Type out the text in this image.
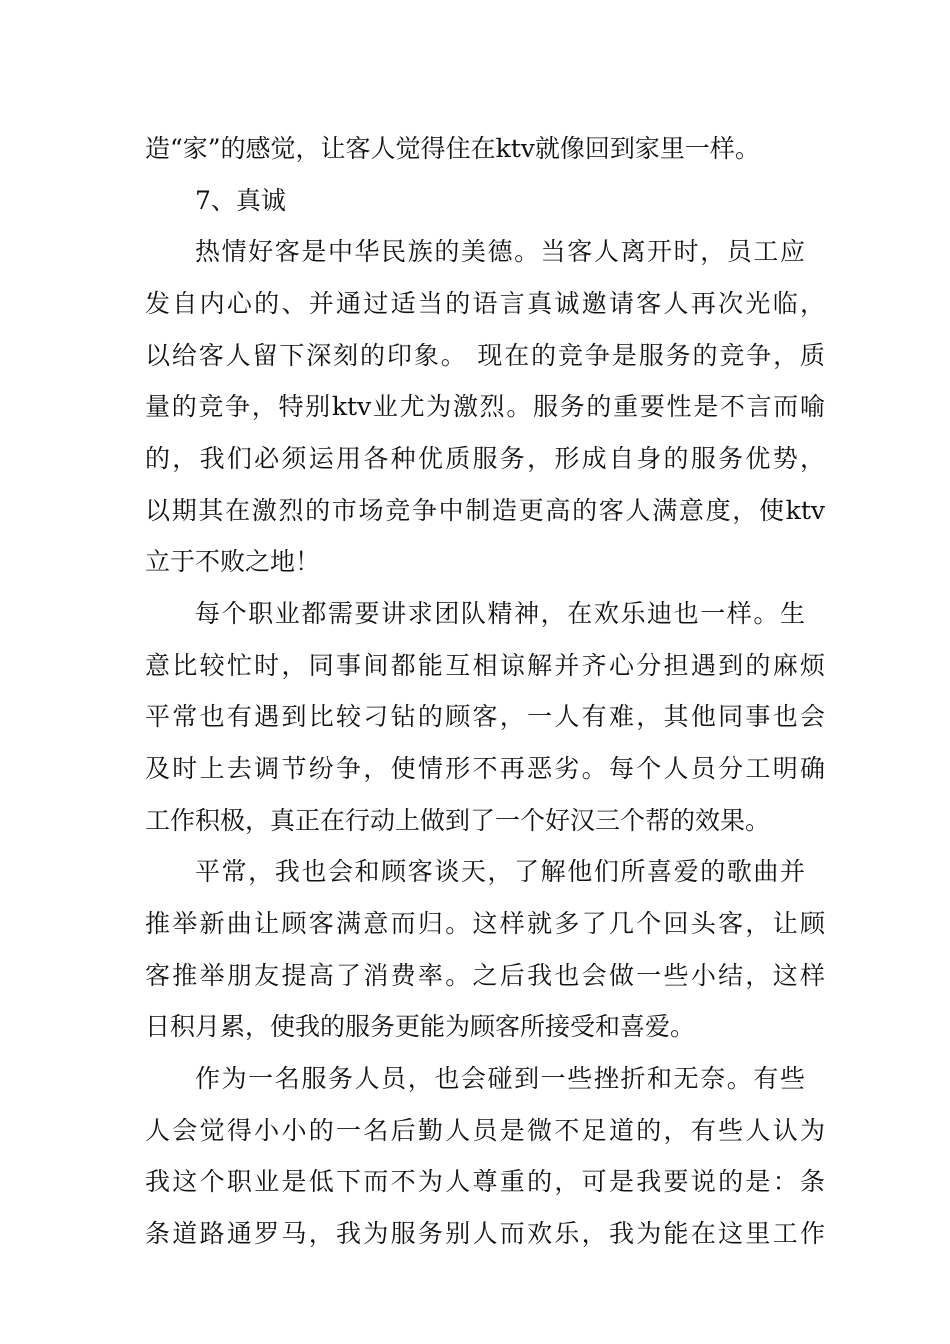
造“家”的感觉，让客人觉得住在ktv就像回到家里一样。
7、真诚
热情好客是中华民族的美德。当客人离开时，员工应
发自内心的、并通过适当的语言真诚邀请客人再次光临，
以给客人留下深刻的印象。 现在的竞争是服务的竞争，质
量的竞争，特别ktv业尤为激烈。服务的重要性是不言而喻
的，我们必须运用各种优质服务，形成自身的服务优势，
以期其在激烈的市场竞争中制造更高的客人满意度，使ktv
立于不败之地！
每个职业都需要讲求团队精神，在欢乐迪也一样。生
意比较忙时，同事间都能互相谅解并齐心分担遇到的麻烦
平常也有遇到比较刁钻的顾客，一人有难，其他同事也会
及时上去调节纷争，使情形不再恶劣。每个人员分工明确
工作积极，真正在行动上做到了一个好汉三个帮的效果。
平常，我也会和顾客谈天，了解他们所喜爱的歌曲并
推举新曲让顾客满意而归。这样就多了几个回头客，让顾
客推举朋友提高了消费率。之后我也会做一些小结，这样
日积月累，使我的服务更能为顾客所接受和喜爱。
作为一名服务人员，也会碰到一些挫折和无奈。有些
人会觉得小小的一名后勤人员是微不足道的，有些人认为
我这个职业是低下而不为人尊重的，可是我要说的是：条
条道路通罗马，我为服务别人而欢乐，我为能在这里工作
